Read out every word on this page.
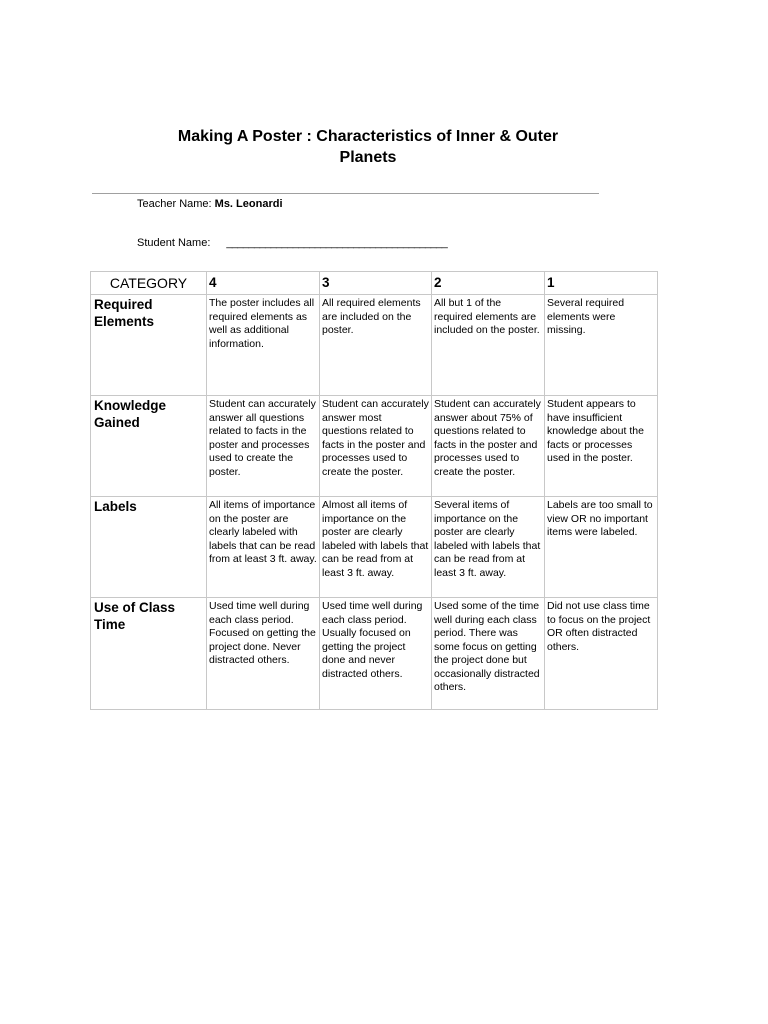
Making A Poster : Characteristics of Inner & Outer Planets
Teacher Name: Ms. Leonardi
Student Name: ________________________________________
CATEGORY	4	3	2	1
Required Elements	The poster includes all required elements as well as additional information.	All required elements are included on the poster.	All but 1 of the required elements are included on the poster.	Several required elements were missing.
Knowledge Gained	Student can accurately answer all questions related to facts in the poster and processes used to create the poster.	Student can accurately answer most questions related to facts in the poster and processes used to create the poster.	Student can accurately answer about 75% of questions related to facts in the poster and processes used to create the poster.	Student appears to have insufficient knowledge about the facts or processes used in the poster.
Labels	All items of importance on the poster are clearly labeled with labels that can be read from at least 3 ft. away.	Almost all items of importance on the poster are clearly labeled with labels that can be read from at least 3 ft. away.	Several items of importance on the poster are clearly labeled with labels that can be read from at least 3 ft. away.	Labels are too small to view OR no important items were labeled.
Use of Class Time	Used time well during each class period. Focused on getting the project done. Never distracted others.	Used time well during each class period. Usually focused on getting the project done and never distracted others.	Used some of the time well during each class period. There was some focus on getting the project done but occasionally distracted others.	Did not use class time to focus on the project OR often distracted others.
